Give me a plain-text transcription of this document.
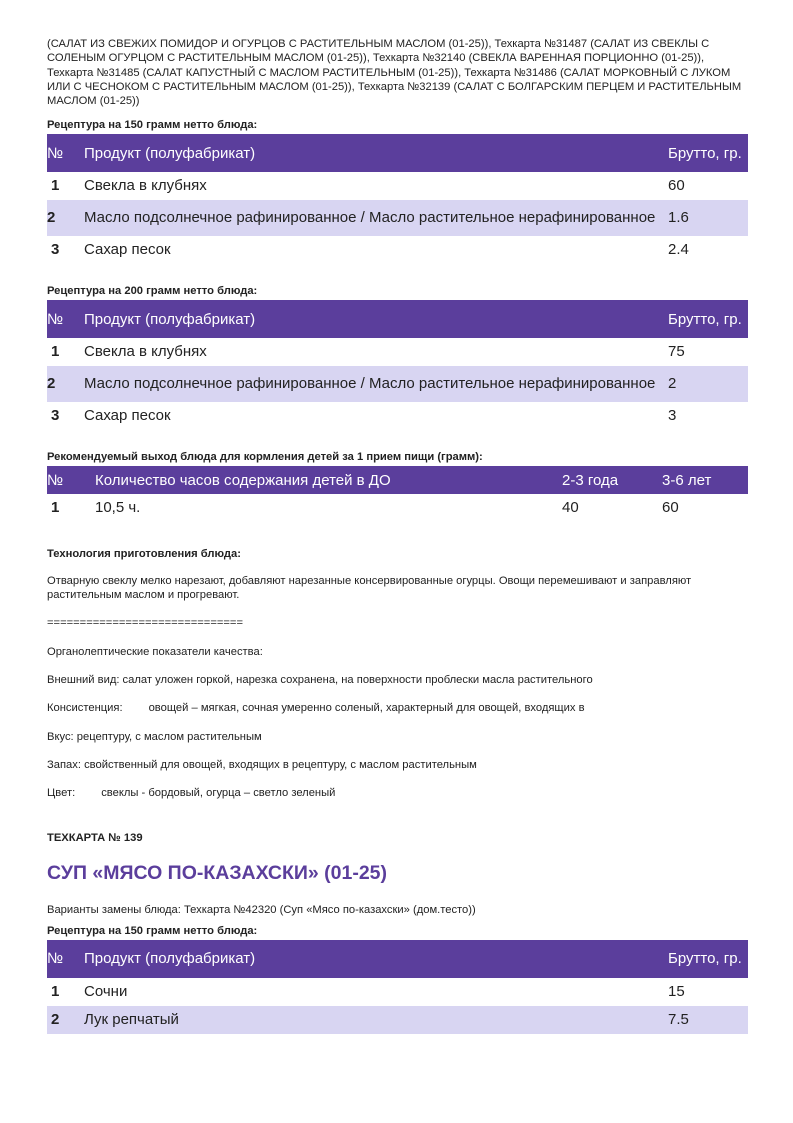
(САЛАТ ИЗ СВЕЖИХ ПОМИДОР И ОГУРЦОВ С РАСТИТЕЛЬНЫМ МАСЛОМ (01-25)), Техкарта №31487 (САЛАТ ИЗ СВЕКЛЫ С СОЛЕНЫМ ОГУРЦОМ С РАСТИТЕЛЬНЫМ МАСЛОМ (01-25)), Техкарта №32140 (СВЕКЛА ВАРЕННАЯ ПОРЦИОННО (01-25)), Техкарта №31485 (САЛАТ КАПУСТНЫЙ С МАСЛОМ РАСТИТЕЛЬНЫМ (01-25)), Техкарта №31486 (САЛАТ МОРКОВНЫЙ С ЛУКОМ ИЛИ С ЧЕСНОКОМ С РАСТИТЕЛЬНЫМ МАСЛОМ (01-25)), Техкарта №32139 (САЛАТ С БОЛГАРСКИМ ПЕРЦЕМ И РАСТИТЕЛЬНЫМ МАСЛОМ (01-25))

Рецептура на 150 грамм нетто блюда:

№	Продукт (полуфабрикат)	Брутто, гр.
1	Свекла в клубнях	60
2	Масло подсолнечное рафинированное / Масло растительное нерафинированное	1.6
3	Сахар песок	2.4

Рецептура на 200 грамм нетто блюда:

№	Продукт (полуфабрикат)	Брутто, гр.
1	Свекла в клубнях	75
2	Масло подсолнечное рафинированное / Масло растительное нерафинированное	2
3	Сахар песок	3

Рекомендуемый выход блюда для кормления детей за 1 прием пищи (грамм):

№	Количество часов содержания детей в ДО	2-3 года	3-6 лет
1	10,5 ч.	40	60

Технология приготовления блюда:

Отварную свеклу мелко нарезают, добавляют нарезанные консервированные огурцы. Овощи перемешивают и заправляют растительным маслом и прогревают.

==============================

Органолептические показатели качества:

Внешний вид: салат уложен горкой, нарезка сохранена, на поверхности проблески масла растительного

Консистенция: овощей – мягкая, сочная умеренно соленый, характерный для овощей, входящих в

Вкус: рецептуру, с маслом растительным

Запах: свойственный для овощей, входящих в рецептуру, с маслом растительным

Цвет: свеклы - бордовый, огурца – светло зеленый

ТЕХКАРТА № 139

СУП «МЯСО ПО-КАЗАХСКИ» (01-25)

Варианты замены блюда: Техкарта №42320 (Суп «Мясо по-казахски» (дом.тесто))

Рецептура на 150 грамм нетто блюда:

№	Продукт (полуфабрикат)	Брутто, гр.
1	Сочни	15
2	Лук репчатый	7.5
